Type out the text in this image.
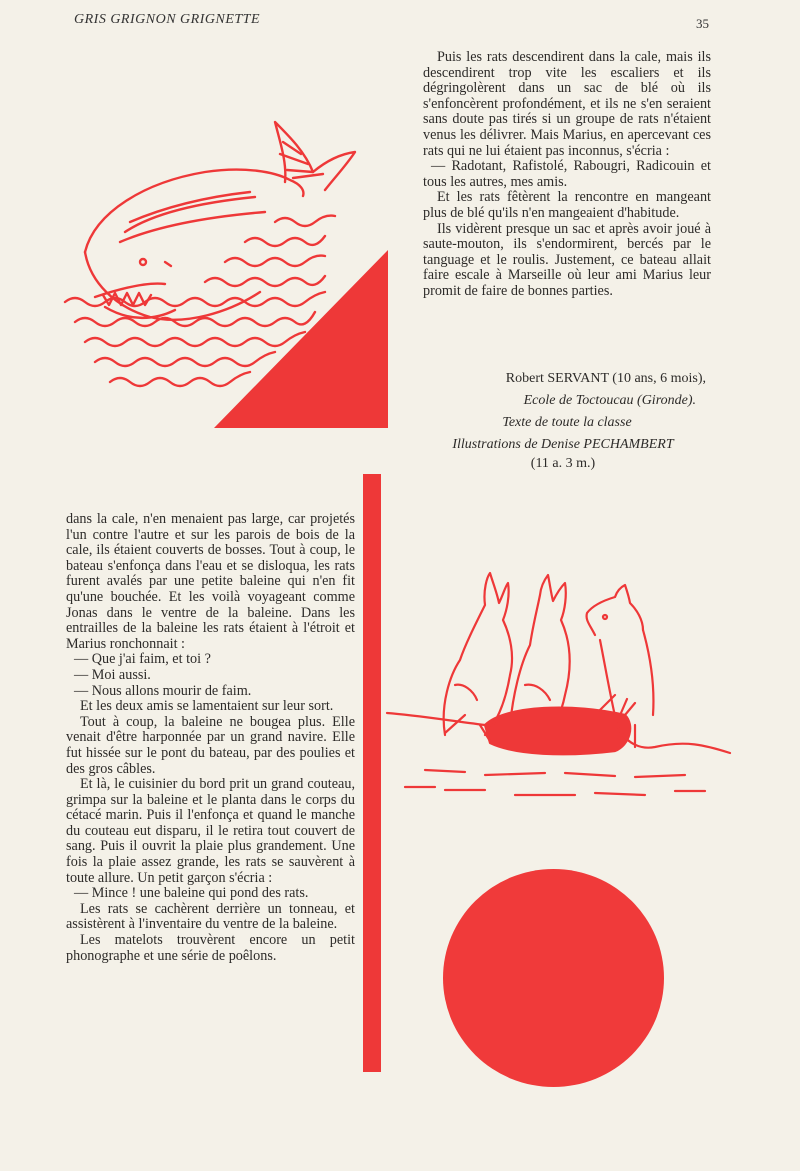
GRIS GRIGNON GRIGNETTE	35

Puis les rats descendirent dans la cale, mais ils descendirent trop vite les escaliers et ils dégringolèrent dans un sac de blé où ils s'enfoncèrent profondément, et ils ne s'en seraient sans doute pas tirés si un groupe de rats n'étaient venus les délivrer. Mais Marius, en apercevant ces rats qui ne lui étaient pas inconnus, s'écria :

— Radotant, Rafistolé, Rabougri, Radicouin et tous les autres, mes amis.

Et les rats fêtèrent la rencontre en mangeant plus de blé qu'ils n'en mangeaient d'habitude.

Ils vidèrent presque un sac et après avoir joué à saute-mouton, ils s'endormirent, bercés par le tanguage et le roulis. Justement, ce bateau allait faire escale à Marseille où leur ami Marius leur promit de faire de bonnes parties.

Robert SERVANT (10 ans, 6 mois),
Ecole de Toctoucau (Gironde).
Texte de toute la classe
Illustrations de Denise PECHAMBERT
(11 a. 3 m.)

dans la cale, n'en menaient pas large, car projetés l'un contre l'autre et sur les parois de bois de la cale, ils étaient couverts de bosses. Tout à coup, le bateau s'enfonça dans l'eau et se disloqua, les rats furent avalés par une petite baleine qui n'en fit qu'une bouchée. Et les voilà voyageant comme Jonas dans le ventre de la baleine. Dans les entrailles de la baleine les rats étaient à l'étroit et Marius ronchonnait :

— Que j'ai faim, et toi ?

— Moi aussi.

— Nous allons mourir de faim.

Et les deux amis se lamentaient sur leur sort.

Tout à coup, la baleine ne bougea plus. Elle venait d'être harponnée par un grand navire. Elle fut hissée sur le pont du bateau, par des poulies et des gros câbles.

Et là, le cuisinier du bord prit un grand couteau, grimpa sur la baleine et le planta dans le corps du cétacé marin. Puis il l'enfonça et quand le manche du couteau eut disparu, il le retira tout couvert de sang. Puis il ouvrit la plaie plus grandement. Une fois la plaie assez grande, les rats se sauvèrent à toute allure. Un petit garçon s'écria :

— Mince ! une baleine qui pond des rats.

Les rats se cachèrent derrière un tonneau, et assistèrent à l'inventaire du ventre de la baleine.

Les matelots trouvèrent encore un petit phonographe et une série de poêlons.
